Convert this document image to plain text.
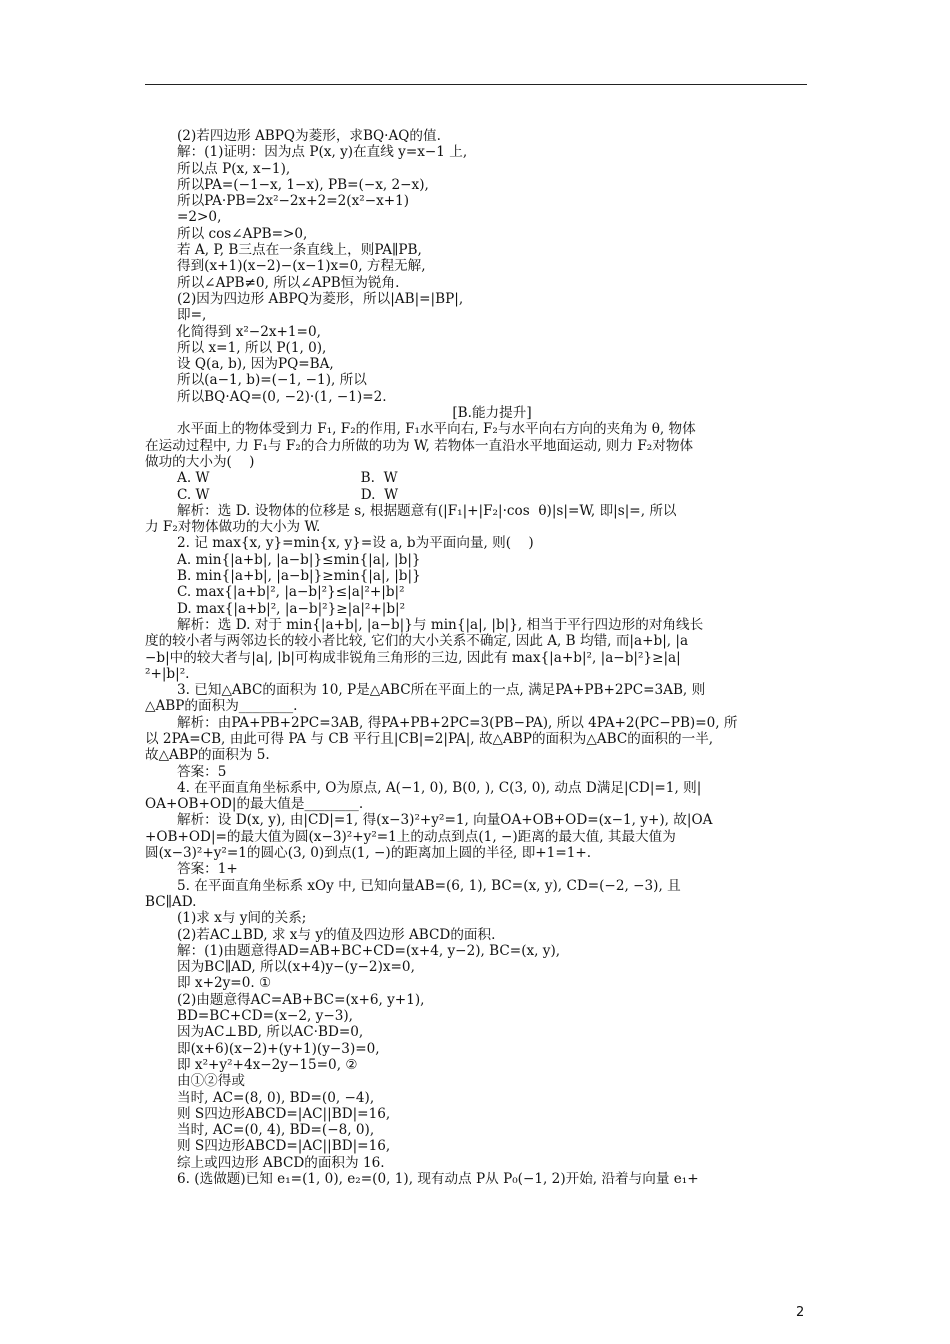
(2)若四边形 ABPQ为菱形，求BQ·AQ的值.
解：(1)证明：因为点 P(x, y)在直线 y=x−1 上,
所以点 P(x, x−1),
所以PA=(−1−x, 1−x), PB=(−x, 2−x),
所以PA·PB=2x²−2x+2=2(x²−x+1)
=2>0,
所以 cos∠APB=>0,
若 A, P, B三点在一条直线上，则PA∥PB,
得到(x+1)(x−2)−(x−1)x=0, 方程无解,
所以∠APB≠0, 所以∠APB恒为锐角.
(2)因为四边形 ABPQ为菱形，所以|AB|=|BP|,
即=,
化简得到 x²−2x+1=0,
所以 x=1, 所以 P(1, 0),
设 Q(a, b), 因为PQ=BA,
所以(a−1, b)=(−1, −1), 所以
所以BQ·AQ=(0, −2)·(1, −1)=2.
[B.能力提升]
水平面上的物体受到力 F₁, F₂的作用, F₁水平向右, F₂与水平向右方向的夹角为 θ, 物体
在运动过程中, 力 F₁与 F₂的合力所做的功为 W, 若物体一直沿水平地面运动, 则力 F₂对物体
做功的大小为(    )
A. W                                   B.  W
C. W                                   D.  W
解析：选 D. 设物体的位移是 s, 根据题意有(|F₁|+|F₂|·cos  θ)|s|=W, 即|s|=, 所以
力 F₂对物体做功的大小为 W.
2. 记 max{x, y}=min{x, y}=设 a, b为平面向量, 则(    )
A. min{|a+b|, |a−b|}≤min{|a|, |b|}
B. min{|a+b|, |a−b|}≥min{|a|, |b|}
C. max{|a+b|², |a−b|²}≤|a|²+|b|²
D. max{|a+b|², |a−b|²}≥|a|²+|b|²
解析：选 D. 对于 min{|a+b|, |a−b|}与 min{|a|, |b|}, 相当于平行四边形的对角线长
度的较小者与两邻边长的较小者比较, 它们的大小关系不确定, 因此 A, B 均错, 而|a+b|, |a
−b|中的较大者与|a|, |b|可构成非锐角三角形的三边, 因此有 max{|a+b|², |a−b|²}≥|a|
²+|b|².
3. 已知△ABC的面积为 10, P是△ABC所在平面上的一点, 满足PA+PB+2PC=3AB, 则
△ABP的面积为________.
解析：由PA+PB+2PC=3AB, 得PA+PB+2PC=3(PB−PA), 所以 4PA+2(PC−PB)=0, 所
以 2PA=CB, 由此可得 PA 与 CB 平行且|CB|=2|PA|, 故△ABP的面积为△ABC的面积的一半,
故△ABP的面积为 5.
答案：5
4. 在平面直角坐标系中, O为原点, A(−1, 0), B(0, ), C(3, 0), 动点 D满足|CD|=1, 则|
OA+OB+OD|的最大值是________.
解析：设 D(x, y), 由|CD|=1, 得(x−3)²+y²=1, 向量OA+OB+OD=(x−1, y+), 故|OA
+OB+OD|=的最大值为圆(x−3)²+y²=1上的动点到点(1, −)距离的最大值, 其最大值为
圆(x−3)²+y²=1的圆心(3, 0)到点(1, −)的距离加上圆的半径, 即+1=1+.
答案：1+
5. 在平面直角坐标系 xOy 中, 已知向量AB=(6, 1), BC=(x, y), CD=(−2, −3), 且
BC∥AD.
(1)求 x与 y间的关系;
(2)若AC⊥BD, 求 x与 y的值及四边形 ABCD的面积.
解：(1)由题意得AD=AB+BC+CD=(x+4, y−2), BC=(x, y),
因为BC∥AD, 所以(x+4)y−(y−2)x=0,
即 x+2y=0. ①
(2)由题意得AC=AB+BC=(x+6, y+1),
BD=BC+CD=(x−2, y−3),
因为AC⊥BD, 所以AC·BD=0,
即(x+6)(x−2)+(y+1)(y−3)=0,
即 x²+y²+4x−2y−15=0, ②
由①②得或
当时, AC=(8, 0), BD=(0, −4),
则 S四边形ABCD=|AC||BD|=16,
当时, AC=(0, 4), BD=(−8, 0),
则 S四边形ABCD=|AC||BD|=16,
综上或四边形 ABCD的面积为 16.
6. (选做题)已知 e₁=(1, 0), e₂=(0, 1), 现有动点 P从 P₀(−1, 2)开始, 沿着与向量 e₁+
2
